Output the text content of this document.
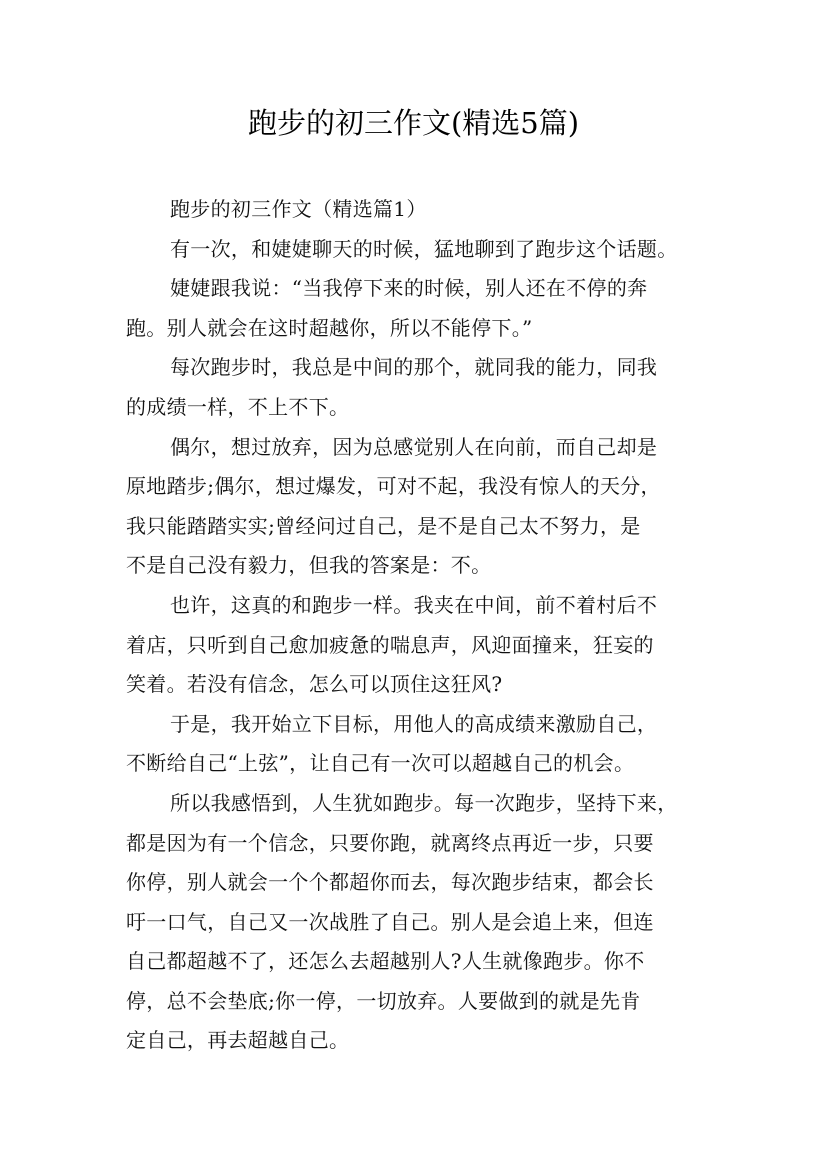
跑步的初三作文(精选5篇)

跑步的初三作文（精选篇1）

有一次，和婕婕聊天的时候，猛地聊到了跑步这个话题。

婕婕跟我说：“当我停下来的时候，别人还在不停的奔
跑。别人就会在这时超越你，所以不能停下。”

每次跑步时，我总是中间的那个，就同我的能力，同我
的成绩一样，不上不下。

偶尔，想过放弃，因为总感觉别人在向前，而自己却是
原地踏步;偶尔，想过爆发，可对不起，我没有惊人的天分，
我只能踏踏实实;曾经问过自己，是不是自己太不努力，是
不是自己没有毅力，但我的答案是：不。

也许，这真的和跑步一样。我夹在中间，前不着村后不
着店，只听到自己愈加疲惫的喘息声，风迎面撞来，狂妄的
笑着。若没有信念，怎么可以顶住这狂风?

于是，我开始立下目标，用他人的高成绩来激励自己，
不断给自己“上弦”，让自己有一次可以超越自己的机会。

所以我感悟到，人生犹如跑步。每一次跑步，坚持下来，
都是因为有一个信念，只要你跑，就离终点再近一步，只要
你停，别人就会一个个都超你而去，每次跑步结束，都会长
吁一口气，自己又一次战胜了自己。别人是会追上来，但连
自己都超越不了，还怎么去超越别人?人生就像跑步。你不
停，总不会垫底;你一停，一切放弃。人要做到的就是先肯
定自己，再去超越自己。
